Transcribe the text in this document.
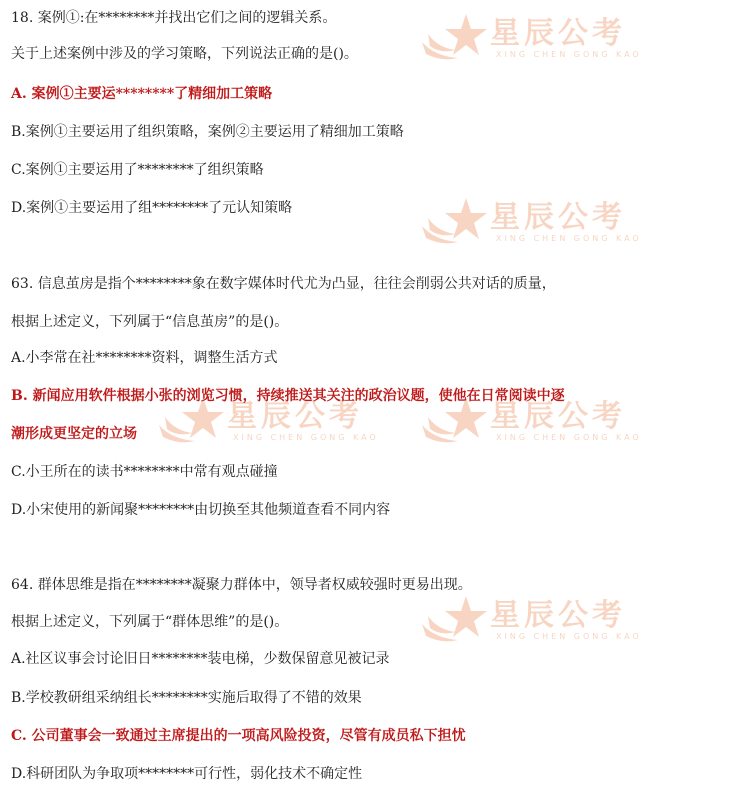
星辰公考
XING CHEN GONG KAO
星辰公考
XING CHEN GONG KAO
星辰公考
XING CHEN GONG KAO
星辰公考
XING CHEN GONG KAO
星辰公考
XING CHEN GONG KAO
18. 案例①:在********并找出它们之间的逻辑关系。
关于上述案例中涉及的学习策略，下列说法正确的是()。
A. 案例①主要运********了精细加工策略
B.案例①主要运用了组织策略，案例②主要运用了精细加工策略
C.案例①主要运用了********了组织策略
D.案例①主要运用了组********了元认知策略
63. 信息茧房是指个********象在数字媒体时代尤为凸显，往往会削弱公共对话的质量，
根据上述定义，下列属于“信息茧房”的是()。
A.小李常在社********资料，调整生活方式
B. 新闻应用软件根据小张的浏览习惯，持续推送其关注的政治议题，使他在日常阅读中逐
潮形成更坚定的立场
C.小王所在的读书********中常有观点碰撞
D.小宋使用的新闻聚********由切换至其他频道查看不同内容
64. 群体思维是指在********凝聚力群体中，领导者权威较强时更易出现。
根据上述定义，下列属于“群体思维”的是()。
A.社区议事会讨论旧日********装电梯，少数保留意见被记录
B.学校教研组采纳组长********实施后取得了不错的效果
C. 公司董事会一致通过主席提出的一项高风险投资，尽管有成员私下担忧
D.科研团队为争取项********可行性，弱化技术不确定性
